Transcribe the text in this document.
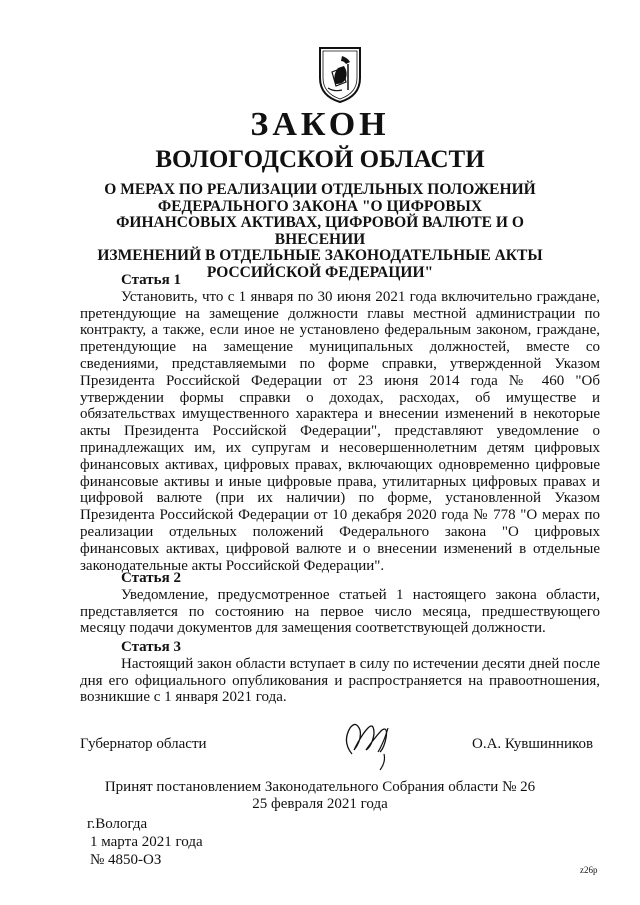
ЗАКОН
ВОЛОГОДСКОЙ ОБЛАСТИ
О МЕРАХ ПО РЕАЛИЗАЦИИ ОТДЕЛЬНЫХ ПОЛОЖЕНИЙ
ФЕДЕРАЛЬНОГО ЗАКОНА "О ЦИФРОВЫХ
ФИНАНСОВЫХ АКТИВАХ, ЦИФРОВОЙ ВАЛЮТЕ И О ВНЕСЕНИИ
ИЗМЕНЕНИЙ В ОТДЕЛЬНЫЕ ЗАКОНОДАТЕЛЬНЫЕ АКТЫ
РОССИЙСКОЙ ФЕДЕРАЦИИ"
Статья 1

Установить, что с 1 января по 30 июня 2021 года включительно граждане, претендующие на замещение должности главы местной администрации по контракту, а также, если иное не установлено федеральным законом, граждане, претендующие на замещение муниципальных должностей, вместе со сведениями, представляемыми по форме справки, утвержденной Указом Президента Российской Федерации от 23 июня 2014 года № 460 "Об утверждении формы справки о доходах, расходах, об имуществе и обязательствах имущественного характера и внесении изменений в некоторые акты Президента Российской Федерации", представляют уведомление о принадлежащих им, их супругам и несовершеннолетним детям цифровых финансовых активах, цифровых правах, включающих одновременно цифровые финансовые активы и иные цифровые права, утилитарных цифровых правах и цифровой валюте (при их наличии) по форме, установленной Указом Президента Российской Федерации от 10 декабря 2020 года № 778 "О мерах по реализации отдельных положений Федерального закона "О цифровых финансовых активах, цифровой валюте и о внесении изменений в отдельные законодательные акты Российской Федерации".

Статья 2

Уведомление, предусмотренное статьей 1 настоящего закона области, представляется по состоянию на первое число месяца, предшествующего месяцу подачи документов для замещения соответствующей должности.

Статья 3

Настоящий закон области вступает в силу по истечении десяти дней после дня его официального опубликования и распространяется на правоотношения, возникшие с 1 января 2021 года.

Губернатор области	О.А. Кувшинников
Принят постановлением Законодательного Собрания области № 26
25 февраля 2021 года
г.Вологда
1 марта 2021 года
№ 4850-ОЗ
z26p
